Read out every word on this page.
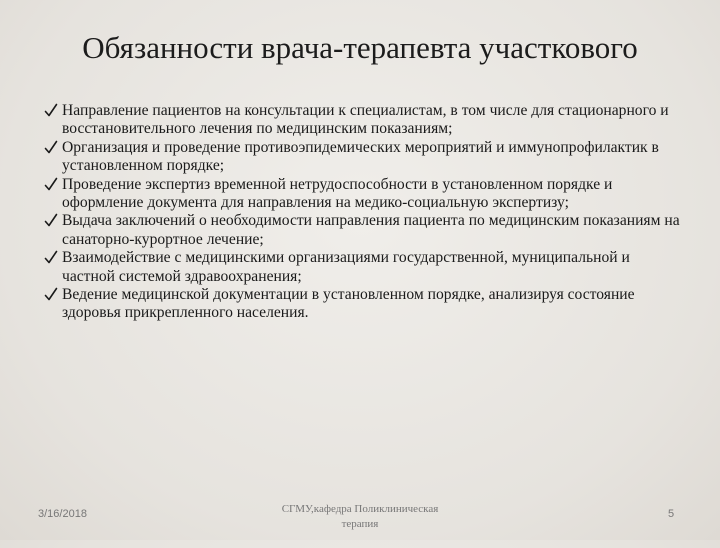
Обязанности врача-терапевта участкового
Направление пациентов на консультации к специалистам, в том числе для стационарного и восстановительного лечения по медицинским показаниям;
Организация и проведение противоэпидемических мероприятий и иммунопрофилактик в установленном порядке;
Проведение экспертиз временной нетрудоспособности в установленном порядке и оформление документа для направления на медико-социальную экспертизу;
Выдача заключений о необходимости направления пациента по медицинским показаниям на санаторно-курортное лечение;
Взаимодействие с медицинскими организациями государственной, муниципальной и частной системой здравоохранения;
Ведение медицинской документации в установленном порядке, анализируя состояние здоровья прикрепленного населения.
3/16/2018	СГМУ,кафедра Поликлиническая
терапия
5
